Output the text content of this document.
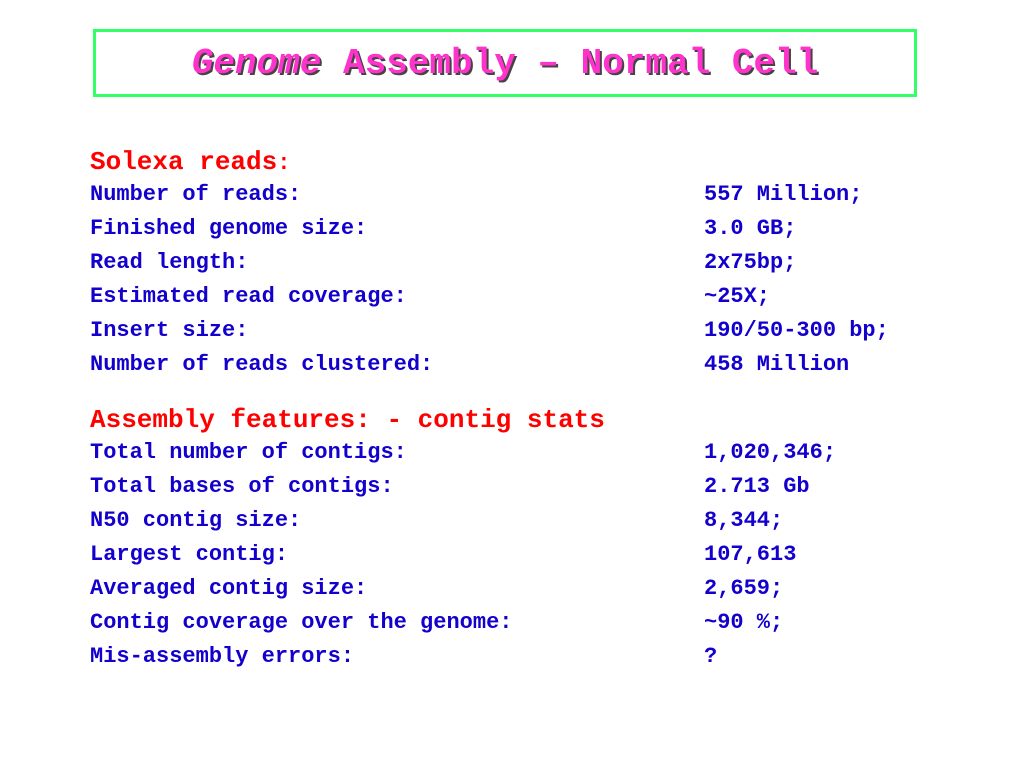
Genome Assembly – Normal Cell
Solexa reads:
Number of reads:	557 Million;
Finished genome size:	3.0 GB;
Read length:	2x75bp;
Estimated read coverage:	~25X;
Insert size:	190/50-300 bp;
Number of reads clustered:	458 Million
Assembly features: - contig stats
Total number of contigs:	1,020,346;
Total bases of contigs:	2.713 Gb
N50 contig size:	8,344;
Largest contig:	107,613
Averaged contig size:	2,659;
Contig coverage over the genome:	~90 %;
Mis-assembly errors:	?
